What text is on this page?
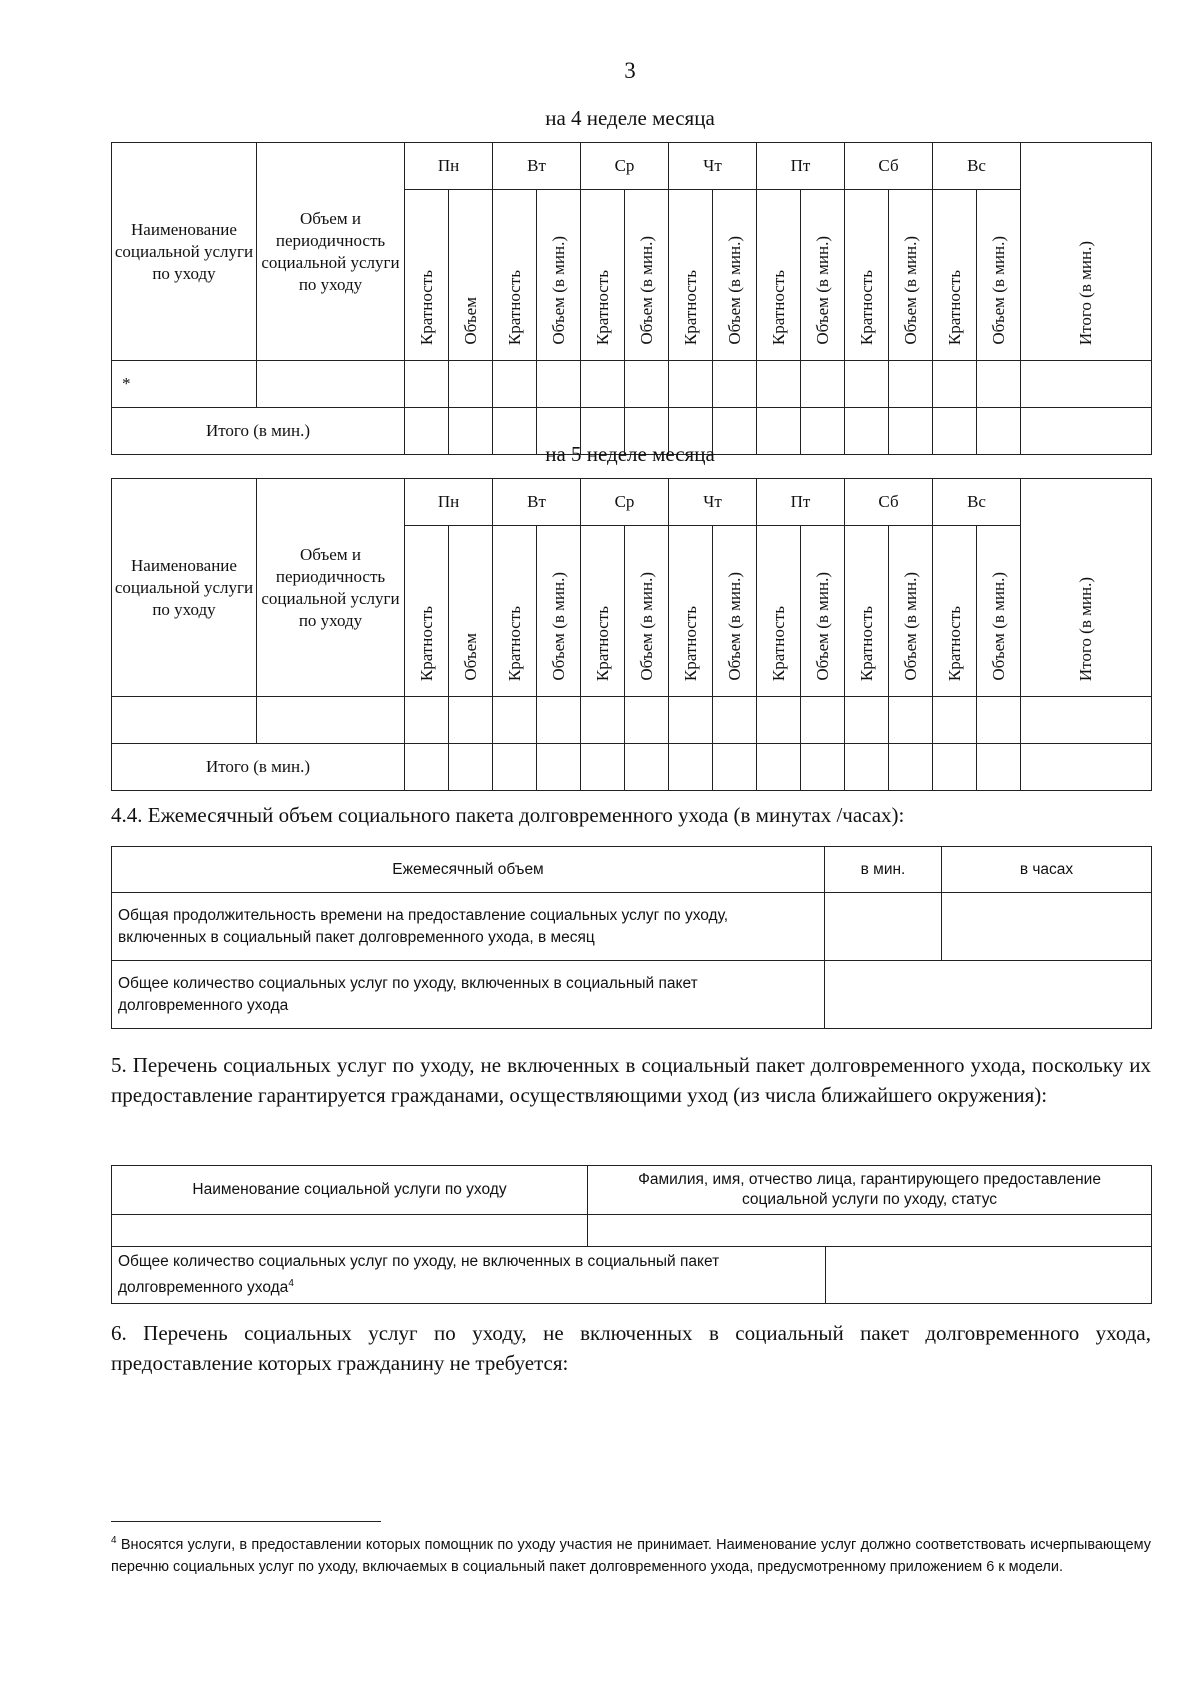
3
на 4 неделе месяца
Наименование социальной услуги по уходу	Объем и периодичность социальной услуги по уходу	Пн		Вт		Ср		Чт		Пт		Сб		Вс		Итого (в мин.)
		Кратность	Объем	Кратность	Объем (в мин.)	Кратность	Объем (в мин.)	Кратность	Объем (в мин.)	Кратность	Объем (в мин.)	Кратность	Объем (в мин.)	Кратность	Объем (в мин.)	
*																
Итого (в мин.)																
на 5 неделе месяца
Наименование социальной услуги по уходу	Объем и периодичность социальной услуги по уходу	Пн		Вт		Ср		Чт		Пт		Сб		Вс		Итого (в мин.)
		Кратность	Объем	Кратность	Объем (в мин.)	Кратность	Объем (в мин.)	Кратность	Объем (в мин.)	Кратность	Объем (в мин.)	Кратность	Объем (в мин.)	Кратность	Объем (в мин.)	

Итого (в мин.)																
4.4. Ежемесячный объем социального пакета долговременного ухода (в минутах /часах):
Ежемесячный объем	в мин.	в часах
Общая продолжительность времени на предоставление социальных услуг по уходу, включенных в социальный пакет долговременного ухода, в месяц		
Общее количество социальных услуг по уходу, включенных в социальный пакет долговременного ухода		
5. Перечень социальных услуг по уходу, не включенных в социальный пакет долговременного ухода, поскольку их предоставление гарантируется гражданами, осуществляющими уход (из числа ближайшего окружения):
Наименование социальной услуги по уходу	Фамилия, имя, отчество лица, гарантирующего предоставление социальной услуги по уходу, статус	

Общее количество социальных услуг по уходу, не включенных в социальный пакет долговременного ухода$^4$	
6. Перечень социальных услуг по уходу, не включенных в социальный пакет долговременного ухода, предоставление которых гражданину не требуется:
$^4$ Вносятся услуги, в предоставлении которых помощник по уходу участия не принимает. Наименование услуг должно соответствовать исчерпывающему перечню социальных услуг по уходу, включаемых в социальный пакет долговременного ухода, предусмотренному приложением 6 к модели.
